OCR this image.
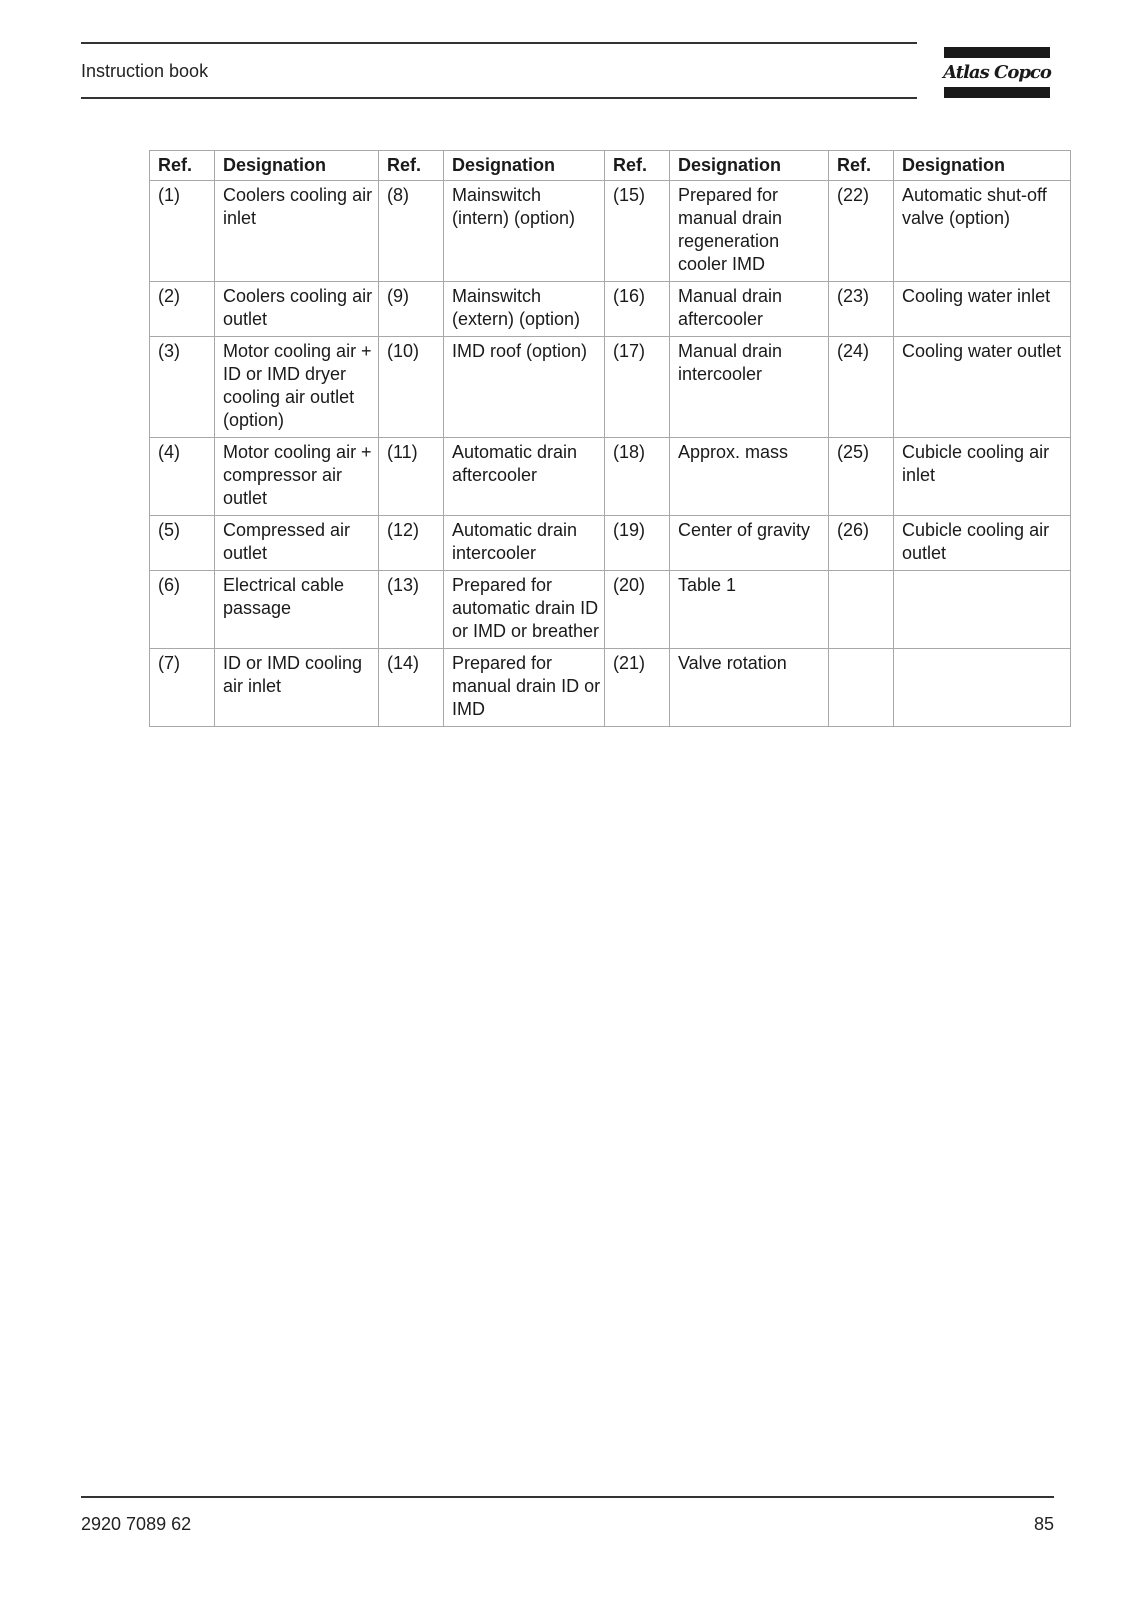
Instruction book	Atlas Copco
Ref.	Designation	Ref.	Designation	Ref.	Designation	Ref.	Designation
(1)	Coolers cooling air inlet	(8)	Mainswitch (intern) (option)	(15)	Prepared for manual drain regeneration cooler IMD	(22)	Automatic shut-off valve (option)
(2)	Coolers cooling air outlet	(9)	Mainswitch (extern) (option)	(16)	Manual drain aftercooler	(23)	Cooling water inlet
(3)	Motor cooling air + ID or IMD dryer cooling air outlet (option)	(10)	IMD roof (option)	(17)	Manual drain intercooler	(24)	Cooling water outlet
(4)	Motor cooling air + compressor air outlet	(11)	Automatic drain aftercooler	(18)	Approx. mass	(25)	Cubicle cooling air inlet
(5)	Compressed air outlet	(12)	Automatic drain intercooler	(19)	Center of gravity	(26)	Cubicle cooling air outlet
(6)	Electrical cable passage	(13)	Prepared for automatic drain ID or IMD or breather	(20)	Table 1		
(7)	ID or IMD cooling air inlet	(14)	Prepared for manual drain ID or IMD	(21)	Valve rotation		
2920 7089 62	85
